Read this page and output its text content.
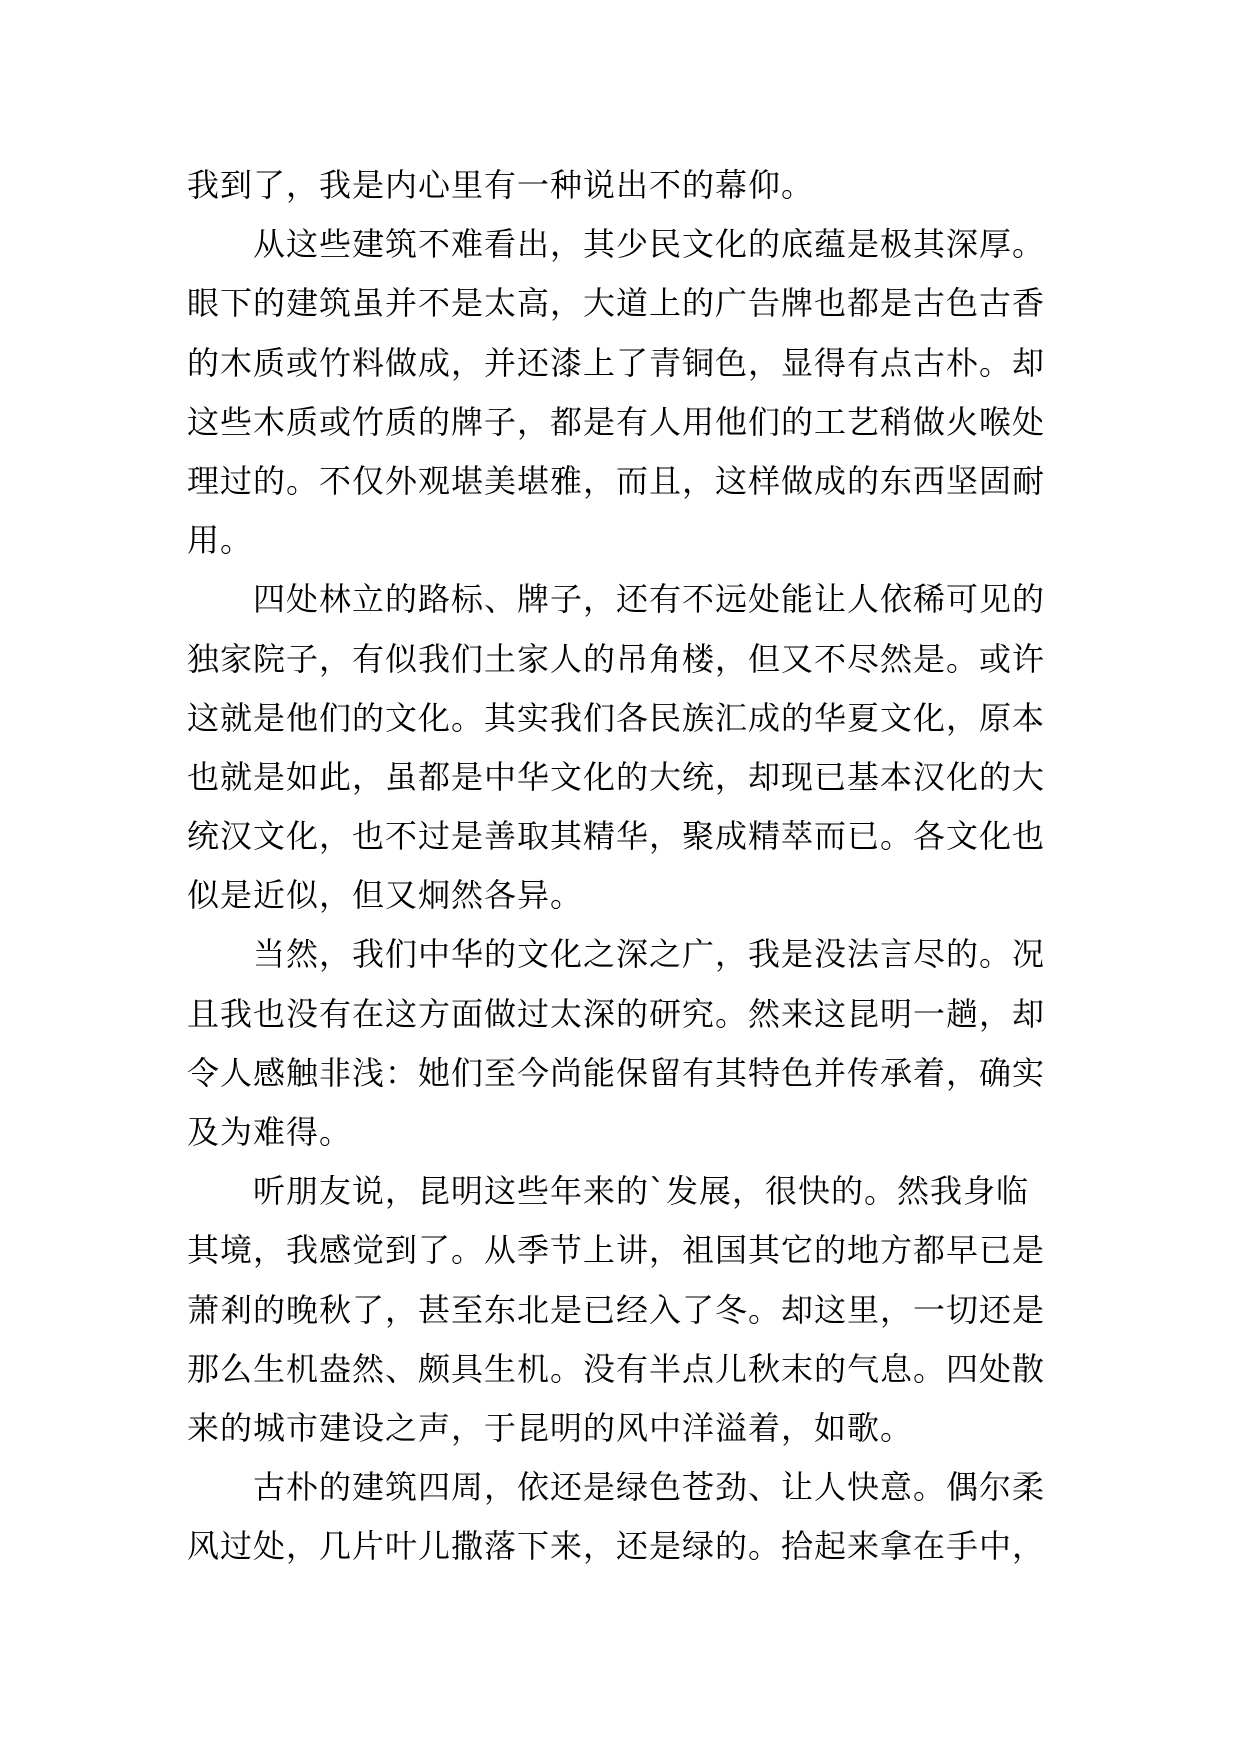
我到了，我是内心里有一种说出不的幕仰。
从这些建筑不难看出，其少民文化的底蕴是极其深厚。
眼下的建筑虽并不是太高，大道上的广告牌也都是古色古香
的木质或竹料做成，并还漆上了青铜色，显得有点古朴。却
这些木质或竹质的牌子，都是有人用他们的工艺稍做火喉处
理过的。不仅外观堪美堪雅，而且，这样做成的东西坚固耐
用。
四处林立的路标、牌子，还有不远处能让人依稀可见的
独家院子，有似我们土家人的吊角楼，但又不尽然是。或许
这就是他们的文化。其实我们各民族汇成的华夏文化，原本
也就是如此，虽都是中华文化的大统，却现已基本汉化的大
统汉文化，也不过是善取其精华，聚成精萃而已。各文化也
似是近似，但又炯然各异。
当然，我们中华的文化之深之广，我是没法言尽的。况
且我也没有在这方面做过太深的研究。然来这昆明一趟，却
令人感触非浅：她们至今尚能保留有其特色并传承着，确实
及为难得。
听朋友说，昆明这些年来的`发展，很快的。然我身临
其境，我感觉到了。从季节上讲，祖国其它的地方都早已是
萧剎的晚秋了，甚至东北是已经入了冬。却这里，一切还是
那么生机盎然、颇具生机。没有半点儿秋末的气息。四处散
来的城市建设之声，于昆明的风中洋溢着，如歌。
古朴的建筑四周，依还是绿色苍劲、让人快意。偶尔柔
风过处，几片叶儿撒落下来，还是绿的。拾起来拿在手中，
